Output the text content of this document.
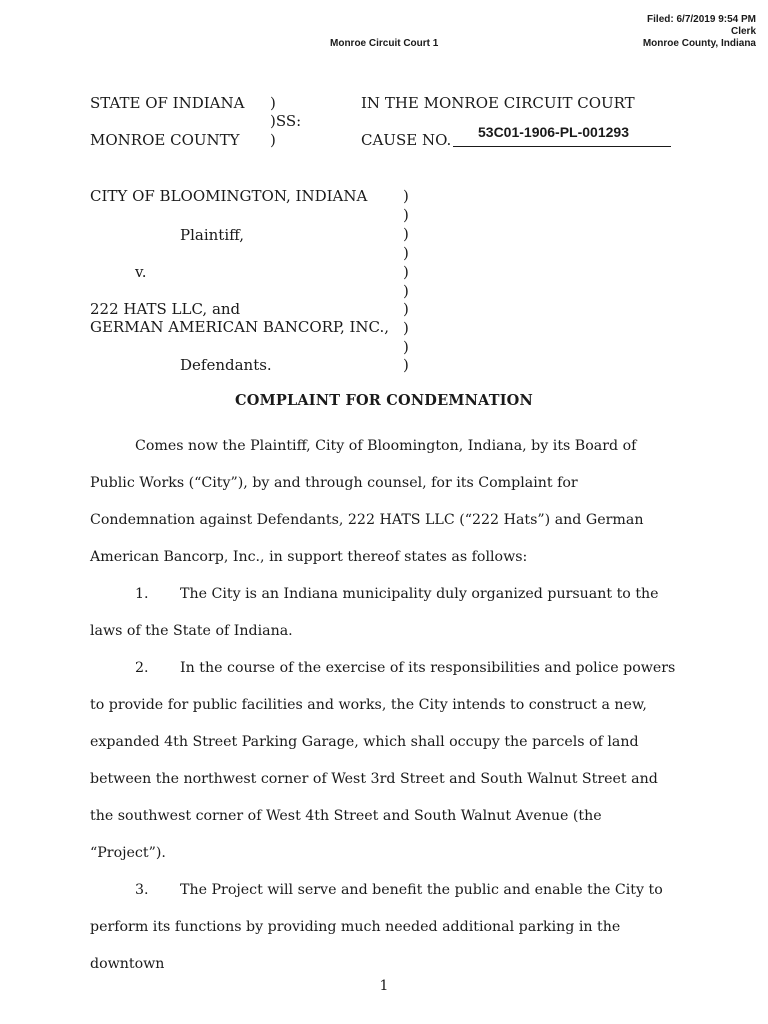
Filed: 6/7/2019 9:54 PM
Clerk
Monroe County, Indiana
Monroe Circuit Court 1
STATE OF INDIANA
MONROE COUNTY
)
)SS:
)
IN THE MONROE CIRCUIT COURT
CAUSE NO. 53C01-1906-PL-001293
CITY OF BLOOMINGTON, INDIANA
Plaintiff,
v.
222 HATS LLC, and
GERMAN AMERICAN BANCORP, INC.,
Defendants.
)
)
)
)
)
)
)
)
)
)
COMPLAINT FOR CONDEMNATION

Comes now the Plaintiff, City of Bloomington, Indiana, by its Board of Public Works (“City”), by and through counsel, for its Complaint for Condemnation against Defendants, 222 HATS LLC (“222 Hats”) and German American Bancorp, Inc., in support thereof states as follows:

1. The City is an Indiana municipality duly organized pursuant to the laws of the State of Indiana.

2. In the course of the exercise of its responsibilities and police powers to provide for public facilities and works, the City intends to construct a new, expanded 4th Street Parking Garage, which shall occupy the parcels of land between the northwest corner of West 3rd Street and South Walnut Street and the southwest corner of West 4th Street and South Walnut Avenue (the “Project”).

3. The Project will serve and benefit the public and enable the City to perform its functions by providing much needed additional parking in the downtown

1
